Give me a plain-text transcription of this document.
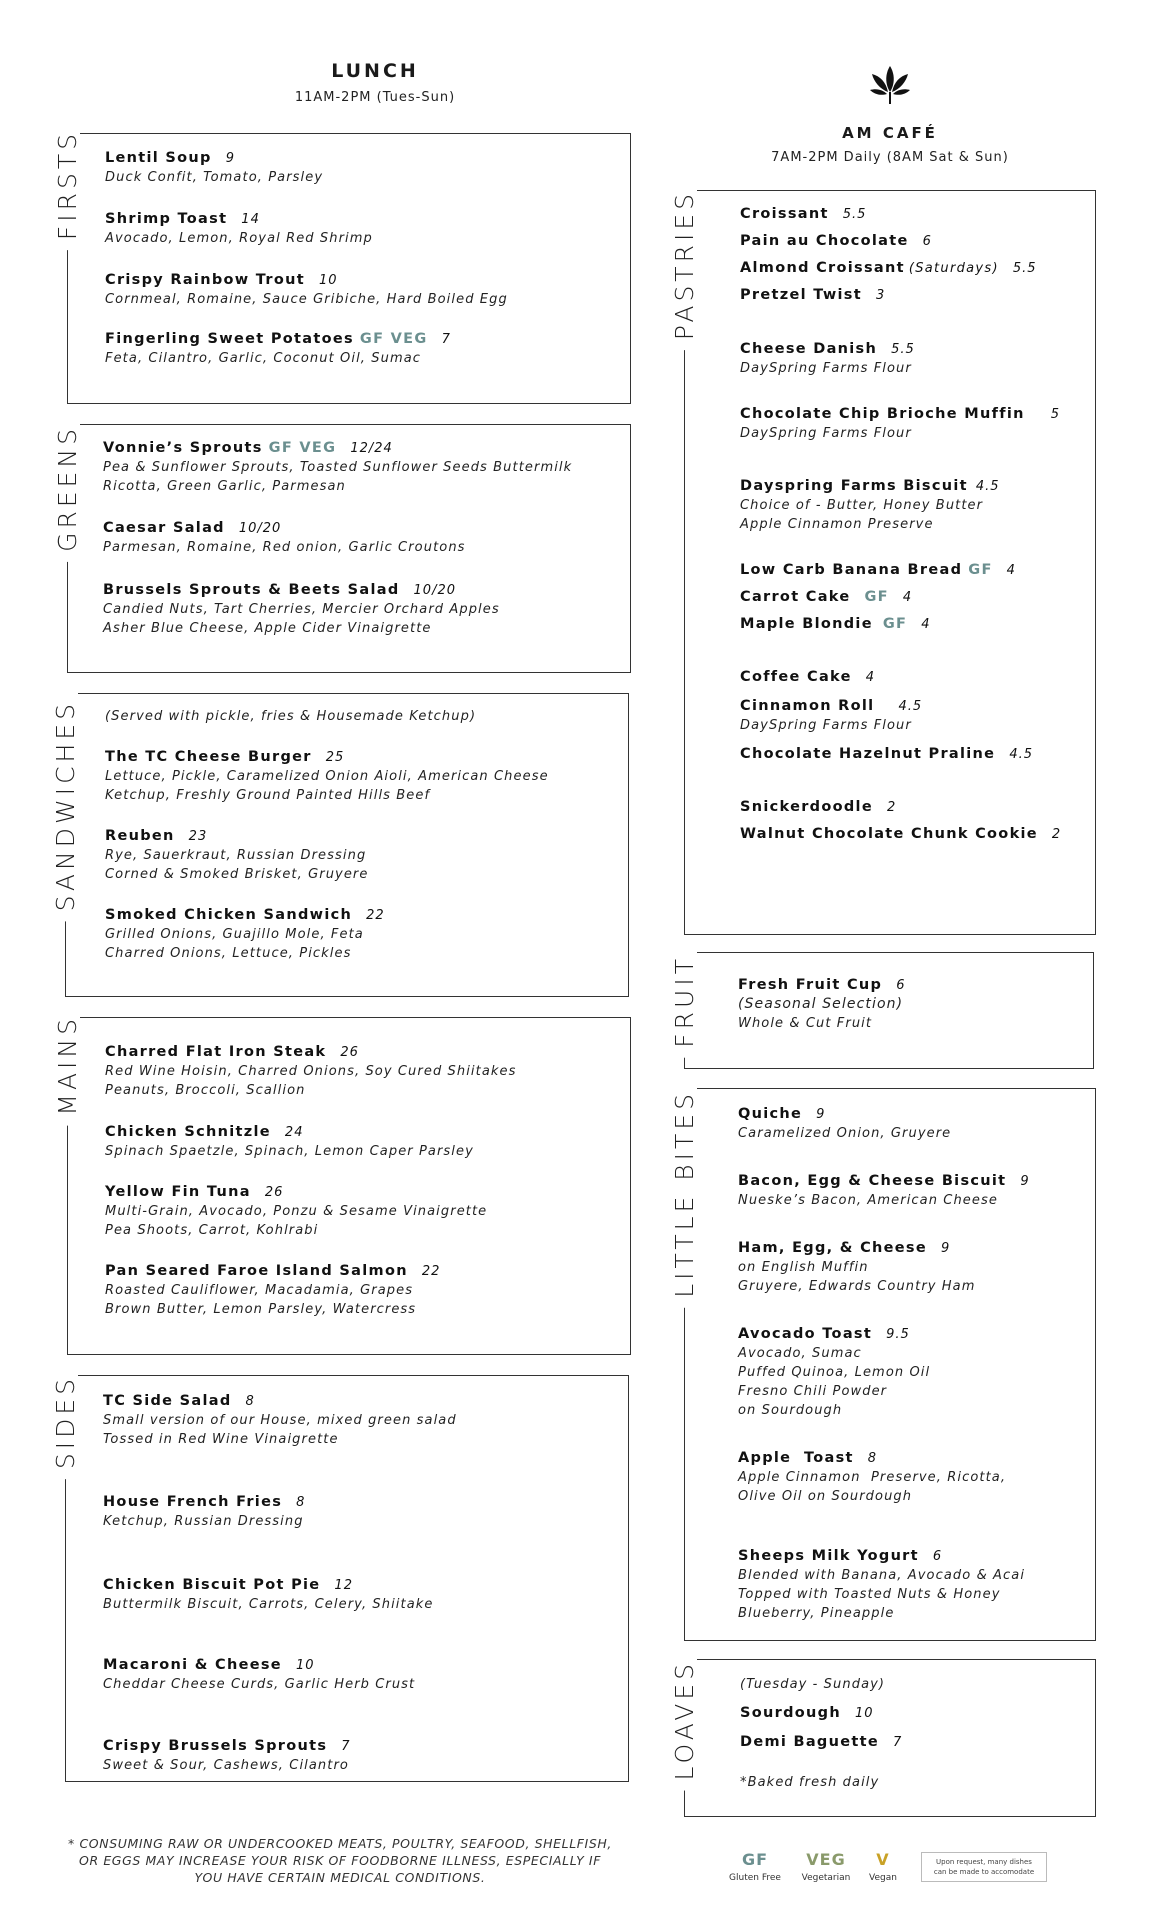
LUNCH
11AM-2PM (Tues-Sun)
AM CAFÉ
7AM-2PM Daily (8AM Sat & Sun)
FIRSTS Lentil Soup 9
Duck Confit, Tomato, Parsley
Shrimp Toast 14
Avocado, Lemon, Royal Red Shrimp
Crispy Rainbow Trout 10
Cornmeal, Romaine, Sauce Gribiche, Hard Boiled Egg
Fingerling Sweet Potatoes GF VEG 7
Feta, Cilantro, Garlic, Coconut Oil, Sumac
GREENS Vonnie’s Sprouts GF VEG 12/24
Pea & Sunflower Sprouts, Toasted Sunflower Seeds Buttermilk
Ricotta, Green Garlic, Parmesan
Caesar Salad 10/20
Parmesan, Romaine, Red onion, Garlic Croutons
Brussels Sprouts & Beets Salad 10/20
Candied Nuts, Tart Cherries, Mercier Orchard Apples
Asher Blue Cheese, Apple Cider Vinaigrette
SANDWICHES (Served with pickle, fries & Housemade Ketchup)
The TC Cheese Burger 25
Lettuce, Pickle, Caramelized Onion Aioli, American Cheese
Ketchup, Freshly Ground Painted Hills Beef
Reuben 23
Rye, Sauerkraut, Russian Dressing
Corned & Smoked Brisket, Gruyere
Smoked Chicken Sandwich 22
Grilled Onions, Guajillo Mole, Feta
Charred Onions, Lettuce, Pickles
MAINS Charred Flat Iron Steak 26
Red Wine Hoisin, Charred Onions, Soy Cured Shiitakes
Peanuts, Broccoli, Scallion
Chicken Schnitzle 24
Spinach Spaetzle, Spinach, Lemon Caper Parsley
Yellow Fin Tuna 26
Multi-Grain, Avocado, Ponzu & Sesame Vinaigrette
Pea Shoots, Carrot, Kohlrabi
Pan Seared Faroe Island Salmon 22
Roasted Cauliflower, Macadamia, Grapes
Brown Butter, Lemon Parsley, Watercress
SIDES TC Side Salad 8
Small version of our House, mixed green salad
Tossed in Red Wine Vinaigrette
House French Fries 8
Ketchup, Russian Dressing
Chicken Biscuit Pot Pie 12
Buttermilk Biscuit, Carrots, Celery, Shiitake
Macaroni & Cheese 10
Cheddar Cheese Curds, Garlic Herb Crust
Crispy Brussels Sprouts 7
Sweet & Sour, Cashews, Cilantro
PASTRIES	Croissant 5.5
Pain au Chocolate 6
Almond Croissant (Saturdays) 5.5
Pretzel Twist 3
Cheese Danish 5.5
DaySpring Farms Flour
Chocolate Chip Brioche Muffin 5
DaySpring Farms Flour
Dayspring Farms Biscuit 4.5
Choice of - Butter, Honey Butter
Apple Cinnamon Preserve
Low Carb Banana Bread GF 4
Carrot Cake GF 4
Maple Blondie GF 4
Coffee Cake 4
Cinnamon Roll 4.5
DaySpring Farms Flour
Chocolate Hazelnut Praline 4.5
Snickerdoodle 2
Walnut Chocolate Chunk Cookie 2
FRUIT	Fresh Fruit Cup 6
(Seasonal Selection)
Whole & Cut Fruit
LITTLE BITES	Quiche 9
Caramelized Onion, Gruyere
Bacon, Egg & Cheese Biscuit 9
Nueske’s Bacon, American Cheese
Ham, Egg, & Cheese 9
on English Muffin
Gruyere, Edwards Country Ham
Avocado Toast 9.5
Avocado, Sumac
Puffed Quinoa, Lemon Oil
Fresno Chili Powder
on Sourdough
Apple  Toast 8
Apple Cinnamon  Preserve, Ricotta,
Olive Oil on Sourdough
Sheeps Milk Yogurt 6
Blended with Banana, Avocado & Acai
Topped with Toasted Nuts & Honey
Blueberry, Pineapple
LOAVES	(Tuesday - Sunday)
Sourdough 10
Demi Baguette 7
*Baked fresh daily
* CONSUMING RAW OR UNDERCOOKED MEATS, POULTRY, SEAFOOD, SHELLFISH,
OR EGGS MAY INCREASE YOUR RISK OF FOODBORNE ILLNESS, ESPECIALLY IF
YOU HAVE CERTAIN MEDICAL CONDITIONS.
GF
Gluten Free
VEG
Vegetarian
V
Vegan
Upon request, many dishes
can be made to accomodate
